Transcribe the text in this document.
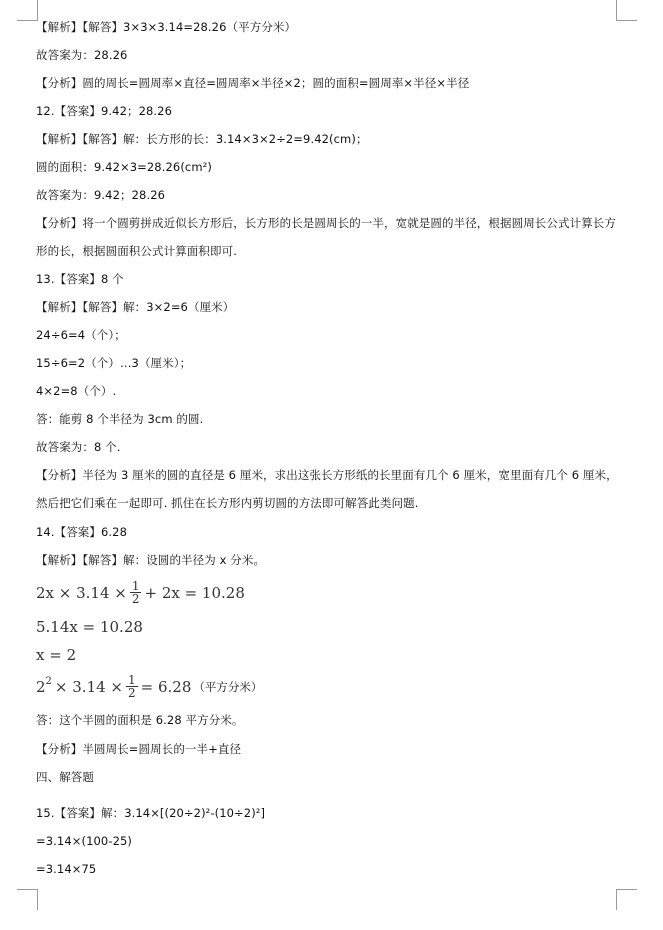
【解析】【解答】3×3×3.14=28.26（平方分米）
故答案为：28.26
【分析】圆的周长=圆周率×直径=圆周率×半径×2；圆的面积=圆周率×半径×半径
12.【答案】9.42；28.26
【解析】【解答】解：长方形的长：3.14×3×2÷2=9.42(cm)；
圆的面积：9.42×3=28.26(cm²)
故答案为：9.42；28.26
【分析】将一个圆剪拼成近似长方形后，长方形的长是圆周长的一半，宽就是圆的半径，根据圆周长公式计算长方形的长，根据圆面积公式计算面积即可.
13.【答案】8 个
【解析】【解答】解：3×2=6（厘米）
24÷6=4（个）；
15÷6=2（个）…3（厘米）；
4×2=8（个）.
答：能剪 8 个半径为 3cm 的圆.
故答案为：8 个.
【分析】半径为 3 厘米的圆的直径是 6 厘米，求出这张长方形纸的长里面有几个 6 厘米，宽里面有几个 6 厘米，然后把它们乘在一起即可. 抓住在长方形内剪切圆的方法即可解答此类问题.
14.【答案】6.28
【解析】【解答】解：设圆的半径为 x 分米。
$2x \times 3.14 \times \frac{1}{2} + 2x = 10.28$
5.14x = 10.28
x = 2
2 $2 \times 3.14 \times \frac{1}{2} = 6.28$ （平方分米）
答：这个半圆的面积是 6.28 平方分米。
【分析】半圆周长=圆周长的一半+直径
四、解答题
15.【答案】解：3.14×[(20÷2)²-(10÷2)²]
=3.14×(100-25)
=3.14×75
